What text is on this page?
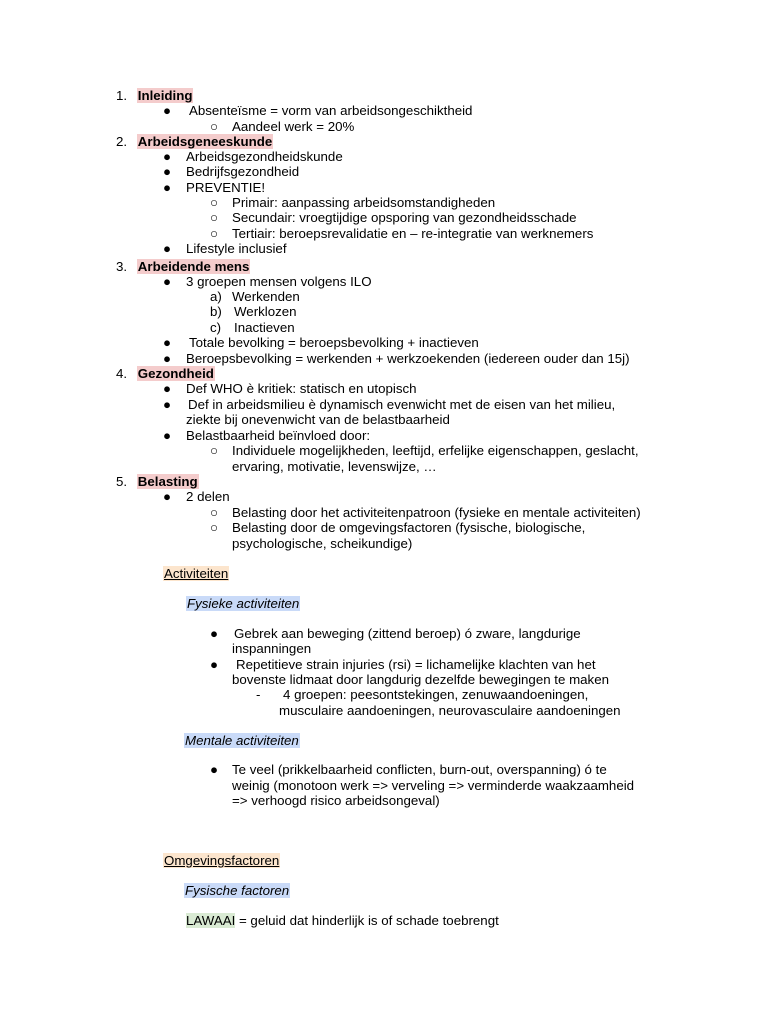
1. Inleiding
● Absenteïsme = vorm van arbeidsongeschiktheid
○ Aandeel werk = 20%
2. Arbeidsgeneeskunde
● Arbeidsgezondheidskunde
● Bedrijfsgezondheid
● PREVENTIE!
○ Primair: aanpassing arbeidsomstandigheden
○ Secundair: vroegtijdige opsporing van gezondheidsschade
○ Tertiair: beroepsrevalidatie en – re-integratie van werknemers
● Lifestyle inclusief
3. Arbeidende mens
● 3 groepen mensen volgens ILO
a) Werkenden
b) Werklozen
c) Inactieven
● Totale bevolking = beroepsbevolking + inactieven
● Beroepsbevolking = werkenden + werkzoekenden (iedereen ouder dan 15j)
4. Gezondheid
● Def WHO è kritiek: statisch en utopisch
● Def in arbeidsmilieu è dynamisch evenwicht met de eisen van het milieu,
ziekte bij onevenwicht van de belastbaarheid
● Belastbaarheid beïnvloed door:
○ Individuele mogelijkheden, leeftijd, erfelijke eigenschappen, geslacht,
ervaring, motivatie, levenswijze, …
5. Belasting
● 2 delen
○ Belasting door het activiteitenpatroon (fysieke en mentale activiteiten)
○ Belasting door de omgevingsfactoren (fysische, biologische,
psychologische, scheikundige)
Activiteiten
Fysieke activiteiten
● Gebrek aan beweging (zittend beroep) ó zware, langdurige
inspanningen
● Repetitieve strain injuries (rsi) = lichamelijke klachten van het
bovenste lidmaat door langdurig dezelfde bewegingen te maken
- 4 groepen: peesontstekingen, zenuwaandoeningen,
musculaire aandoeningen, neurovasculaire aandoeningen
Mentale activiteiten
● Te veel (prikkelbaarheid conflicten, burn-out, overspanning) ó te
weinig (monotoon werk => verveling => verminderde waakzaamheid
=> verhoogd risico arbeidsongeval)
Omgevingsfactoren
Fysische factoren
LAWAAI = geluid dat hinderlijk is of schade toebrengt
